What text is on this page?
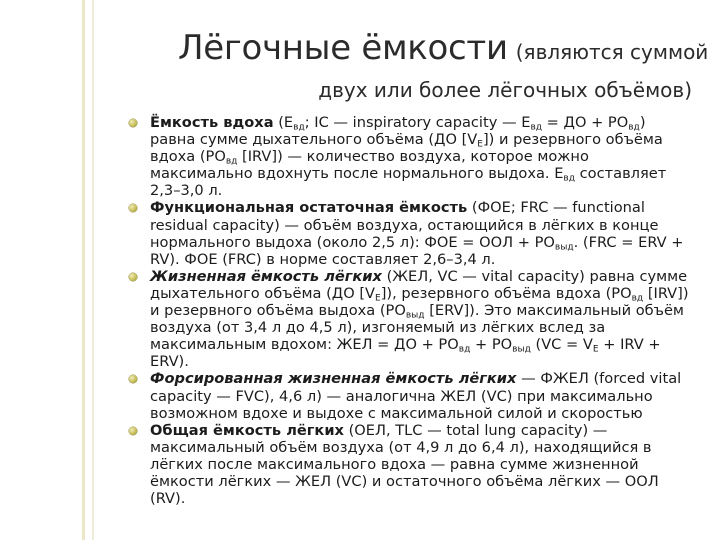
Лёгочные ёмкости (являются суммой
двух или более лёгочных объёмов)
Ёмкость вдоха ($Е_{вд}$; IC — inspiratory capacity — $Е_{вд}$ = ДО + $РО_{вд}$) равна сумме дыхательного объёма (ДО $[V_E]$) и резервного объёма вдоха ($РО_{вд}$ [IRV]) — количество воздуха, которое можно максимально вдохнуть после нормального выдоха. $Е_{вд}$ составляет 2,3–3,0 л.
Функциональная остаточная ёмкость (ФОЕ; FRC — functional residual capacity) — объём воздуха, остающийся в лёгких в конце нормального выдоха (около 2,5 л): ФОЕ = ООЛ + $РО_{выд}$. (FRC = ERV + RV). ФОЕ (FRC) в норме составляет 2,6–3,4 л.
Жизненная ёмкость лёгких (ЖЕЛ, VC — vital capacity) равна сумме дыхательного объёма (ДО $[V_E]$), резервного объёма вдоха ($РО_{вд}$ [IRV]) и резервного объёма выдоха ($РО_{выд}$ [ERV]). Это максимальный объём воздуха (от 3,4 л до 4,5 л), изгоняемый из лёгких вслед за максимальным вдохом: ЖЕЛ = ДО + $РО_{вд} + РО_{выд}$ ($VC = V_E$ + IRV + ERV).
Форсированная жизненная ёмкость лёгких — ФЖЕЛ (forced vital capacity — FVC), 4,6 л) — аналогична ЖЕЛ (VC) при максимально возможном вдохе и выдохе с максимальной силой и скоростью
Общая ёмкость лёгких (ОЕЛ, TLC — total lung capacity) — максимальный объём воздуха (от 4,9 л до 6,4 л), находящийся в лёгких после максимального вдоха — равна сумме жизненной ёмкости лёгких — ЖЕЛ (VC) и остаточного объёма лёгких — ООЛ (RV).
